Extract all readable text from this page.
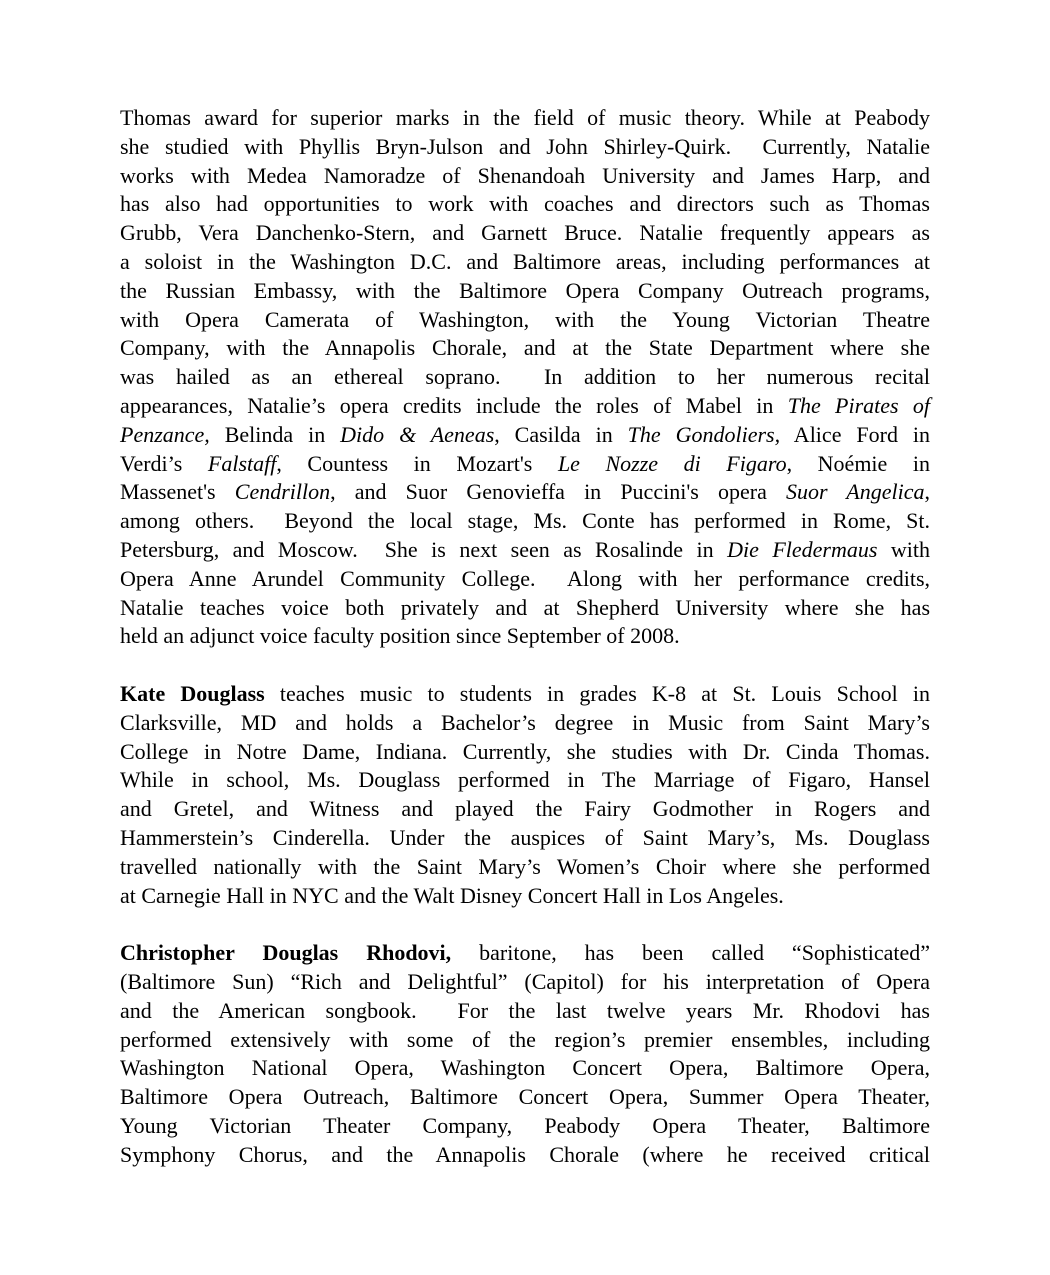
Thomas award for superior marks in the field of music theory. While at Peabody
she studied with Phyllis Bryn-Julson and John Shirley-Quirk.  Currently, Natalie
works with Medea Namoradze of Shenandoah University and James Harp, and
has also had opportunities to work with coaches and directors such as Thomas
Grubb, Vera Danchenko-Stern, and Garnett Bruce. Natalie frequently appears as
a soloist in the Washington D.C. and Baltimore areas, including performances at
the Russian Embassy, with the Baltimore Opera Company Outreach programs,
with Opera Camerata of Washington, with the Young Victorian Theatre
Company, with the Annapolis Chorale, and at the State Department where she
was hailed as an ethereal soprano.  In addition to her numerous recital
appearances, Natalie’s opera credits include the roles of Mabel in The Pirates of
Penzance, Belinda in Dido & Aeneas, Casilda in The Gondoliers, Alice Ford in
Verdi’s Falstaff, Countess in Mozart's Le Nozze di Figaro, Noémie in
Massenet's Cendrillon, and Suor Genovieffa in Puccini's opera Suor Angelica,
among others.  Beyond the local stage, Ms. Conte has performed in Rome, St.
Petersburg, and Moscow.  She is next seen as Rosalinde in Die Fledermaus with
Opera Anne Arundel Community College.  Along with her performance credits,
Natalie teaches voice both privately and at Shepherd University where she has
held an adjunct voice faculty position since September of 2008.
Kate Douglass teaches music to students in grades K-8 at St. Louis School in
Clarksville, MD and holds a Bachelor’s degree in Music from Saint Mary’s
College in Notre Dame, Indiana. Currently, she studies with Dr. Cinda Thomas.
While in school, Ms. Douglass performed in The Marriage of Figaro, Hansel
and Gretel, and Witness and played the Fairy Godmother in Rogers and
Hammerstein’s Cinderella. Under the auspices of Saint Mary’s, Ms. Douglass
travelled nationally with the Saint Mary’s Women’s Choir where she performed
at Carnegie Hall in NYC and the Walt Disney Concert Hall in Los Angeles.
Christopher Douglas Rhodovi, baritone, has been called “Sophisticated”
(Baltimore Sun) “Rich and Delightful” (Capitol) for his interpretation of Opera
and the American songbook.  For the last twelve years Mr. Rhodovi has
performed extensively with some of the region’s premier ensembles, including
Washington National Opera, Washington Concert Opera, Baltimore Opera,
Baltimore Opera Outreach, Baltimore Concert Opera, Summer Opera Theater,
Young Victorian Theater Company, Peabody Opera Theater, Baltimore
Symphony Chorus, and the Annapolis Chorale (where he received critical
